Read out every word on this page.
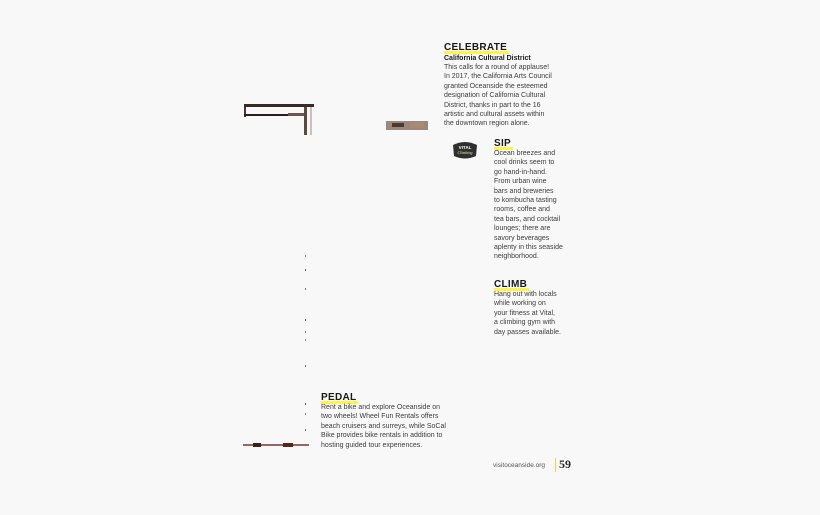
CELEBRATE
California Cultural District
This calls for a round of applause!
In 2017, the California Arts Council
granted Oceanside the esteemed
designation of California Cultural
District, thanks in part to the 16
artistic and cultural assets within
the downtown region alone.
VITAL
Climbing
SIP
Ocean breezes and
cool drinks seem to
go hand-in-hand.
From urban wine
bars and breweries
to kombucha tasting
rooms, coffee and
tea bars, and cocktail
lounges; there are
savory beverages
aplenty in this seaside
neighborhood.
CLIMB
Hang out with locals
while working on
your fitness at Vital,
a climbing gym with
day passes available.
PEDAL
Rent a bike and explore Oceanside on
two wheels! Wheel Fun Rentals offers
beach cruisers and surreys, while SoCal
Bike provides bike rentals in addition to
hosting guided tour experiences.
visitoceanside.org 59
